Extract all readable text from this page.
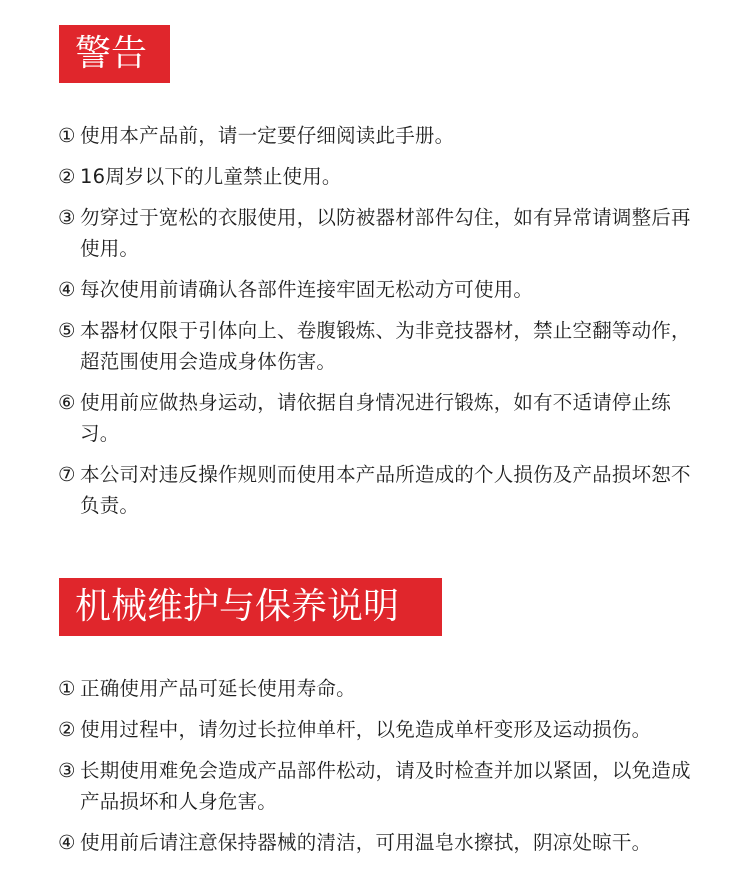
警告
① 使用本产品前，请一定要仔细阅读此手册。
② 16周岁以下的儿童禁止使用。
③ 勿穿过于宽松的衣服使用，以防被器材部件勾住，如有异常请调整后再使用。
④ 每次使用前请确认各部件连接牢固无松动方可使用。
⑤ 本器材仅限于引体向上、卷腹锻炼、为非竞技器材，禁止空翻等动作，超范围使用会造成身体伤害。
⑥ 使用前应做热身运动，请依据自身情况进行锻炼，如有不适请停止练习。
⑦ 本公司对违反操作规则而使用本产品所造成的个人损伤及产品损坏恕不负责。
机械维护与保养说明
① 正确使用产品可延长使用寿命。
② 使用过程中，请勿过长拉伸单杆，以免造成单杆变形及运动损伤。
③ 长期使用难免会造成产品部件松动，请及时检查并加以紧固，以免造成产品损坏和人身危害。
④ 使用前后请注意保持器械的清洁，可用温皂水擦拭，阴凉处晾干。
